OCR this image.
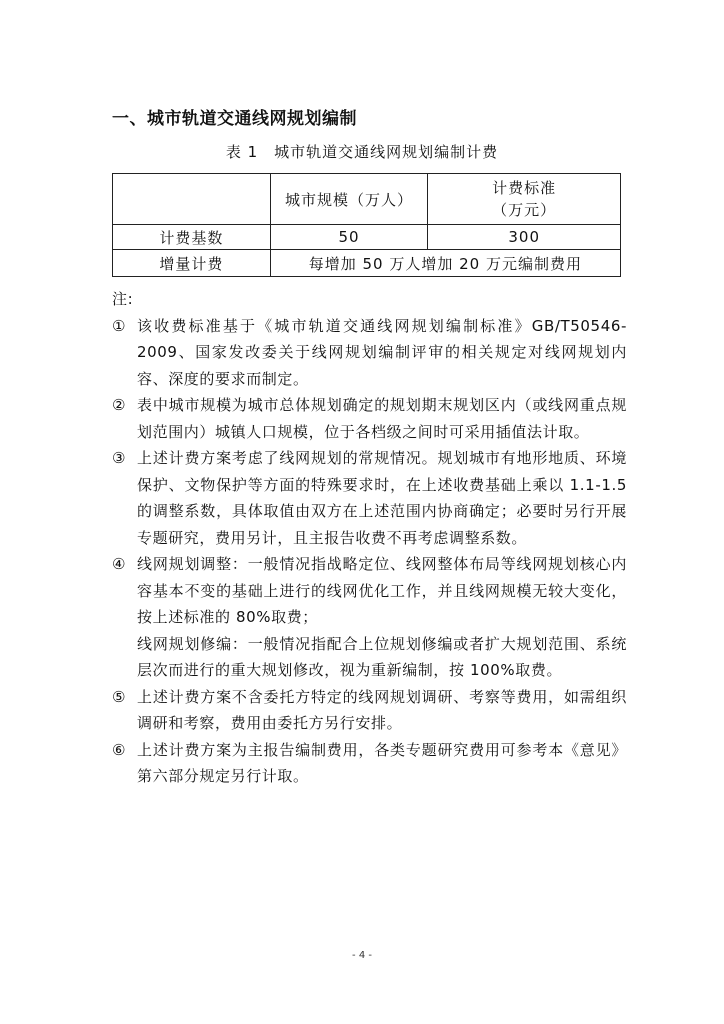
一、城市轨道交通线网规划编制
表 1　城市轨道交通线网规划编制计费
	城市规模（万人）	计费标准
（万元）

计费基数	50	300
增量计费	每增加 50 万人增加 20 万元编制费用	
注:
① 该收费标准基于《城市轨道交通线网规划编制标准》GB/T50546-2009、国家发改委关于线网规划编制评审的相关规定对线网规划内容、深度的要求而制定。
② 表中城市规模为城市总体规划确定的规划期末规划区内（或线网重点规划范围内）城镇人口规模，位于各档级之间时可采用插值法计取。
③ 上述计费方案考虑了线网规划的常规情况。规划城市有地形地质、环境保护、文物保护等方面的特殊要求时，在上述收费基础上乘以 1.1-1.5 的调整系数，具体取值由双方在上述范围内协商确定；必要时另行开展专题研究，费用另计，且主报告收费不再考虑调整系数。
④ 线网规划调整：一般情况指战略定位、线网整体布局等线网规划核心内容基本不变的基础上进行的线网优化工作，并且线网规模无较大变化，按上述标准的 80%取费；
线网规划修编：一般情况指配合上位规划修编或者扩大规划范围、系统层次而进行的重大规划修改，视为重新编制，按 100%取费。
⑤ 上述计费方案不含委托方特定的线网规划调研、考察等费用，如需组织调研和考察，费用由委托方另行安排。
⑥ 上述计费方案为主报告编制费用，各类专题研究费用可参考本《意见》第六部分规定另行计取。
- 4 -
